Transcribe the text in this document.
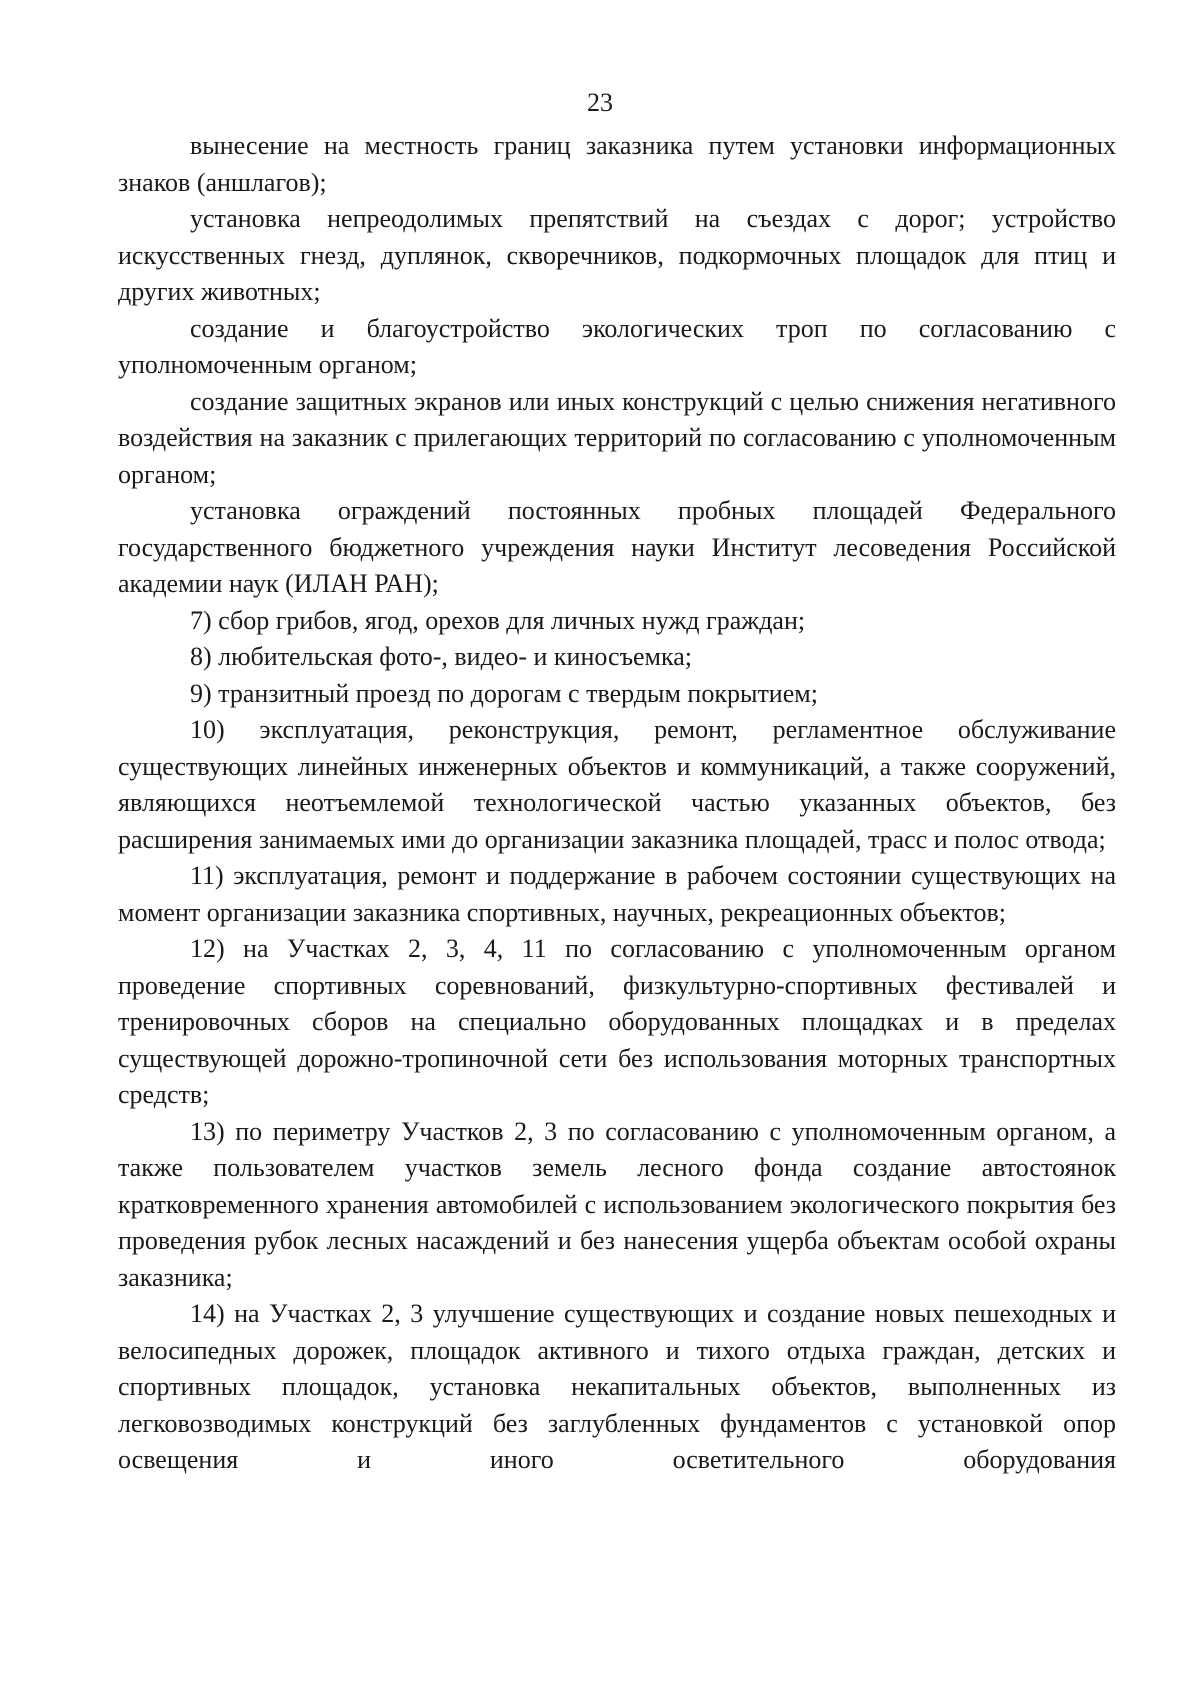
23

вынесение на местность границ заказника путем установки информационных знаков (аншлагов);

установка непреодолимых препятствий на съездах с дорог; устройство искусственных гнезд, дуплянок, скворечников, подкормочных площадок для птиц и других животных;

создание и благоустройство экологических троп по согласованию с уполномоченным органом;

создание защитных экранов или иных конструкций с целью снижения негативного воздействия на заказник с прилегающих территорий по согласованию с уполномоченным органом;

установка ограждений постоянных пробных площадей Федерального государственного бюджетного учреждения науки Институт лесоведения Российской академии наук (ИЛАН РАН);

7) сбор грибов, ягод, орехов для личных нужд граждан;

8) любительская фото-, видео- и киносъемка;

9) транзитный проезд по дорогам с твердым покрытием;

10) эксплуатация, реконструкция, ремонт, регламентное обслуживание существующих линейных инженерных объектов и коммуникаций, а также сооружений, являющихся неотъемлемой технологической частью указанных объектов, без расширения занимаемых ими до организации заказника площадей, трасс и полос отвода;

11) эксплуатация, ремонт и поддержание в рабочем состоянии существующих на момент организации заказника спортивных, научных, рекреационных объектов;

12) на Участках 2, 3, 4, 11 по согласованию с уполномоченным органом проведение спортивных соревнований, физкультурно-спортивных фестивалей и тренировочных сборов на специально оборудованных площадках и в пределах существующей дорожно-тропиночной сети без использования моторных транспортных средств;

13) по периметру Участков 2, 3 по согласованию с уполномоченным органом, а также пользователем участков земель лесного фонда создание автостоянок кратковременного хранения автомобилей с использованием экологического покрытия без проведения рубок лесных насаждений и без нанесения ущерба объектам особой охраны заказника;

14) на Участках 2, 3 улучшение существующих и создание новых пешеходных и велосипедных дорожек, площадок активного и тихого отдыха граждан, детских и спортивных площадок, установка некапитальных объектов, выполненных из легковозводимых конструкций без заглубленных фундаментов с установкой опор освещения и иного осветительного оборудования
